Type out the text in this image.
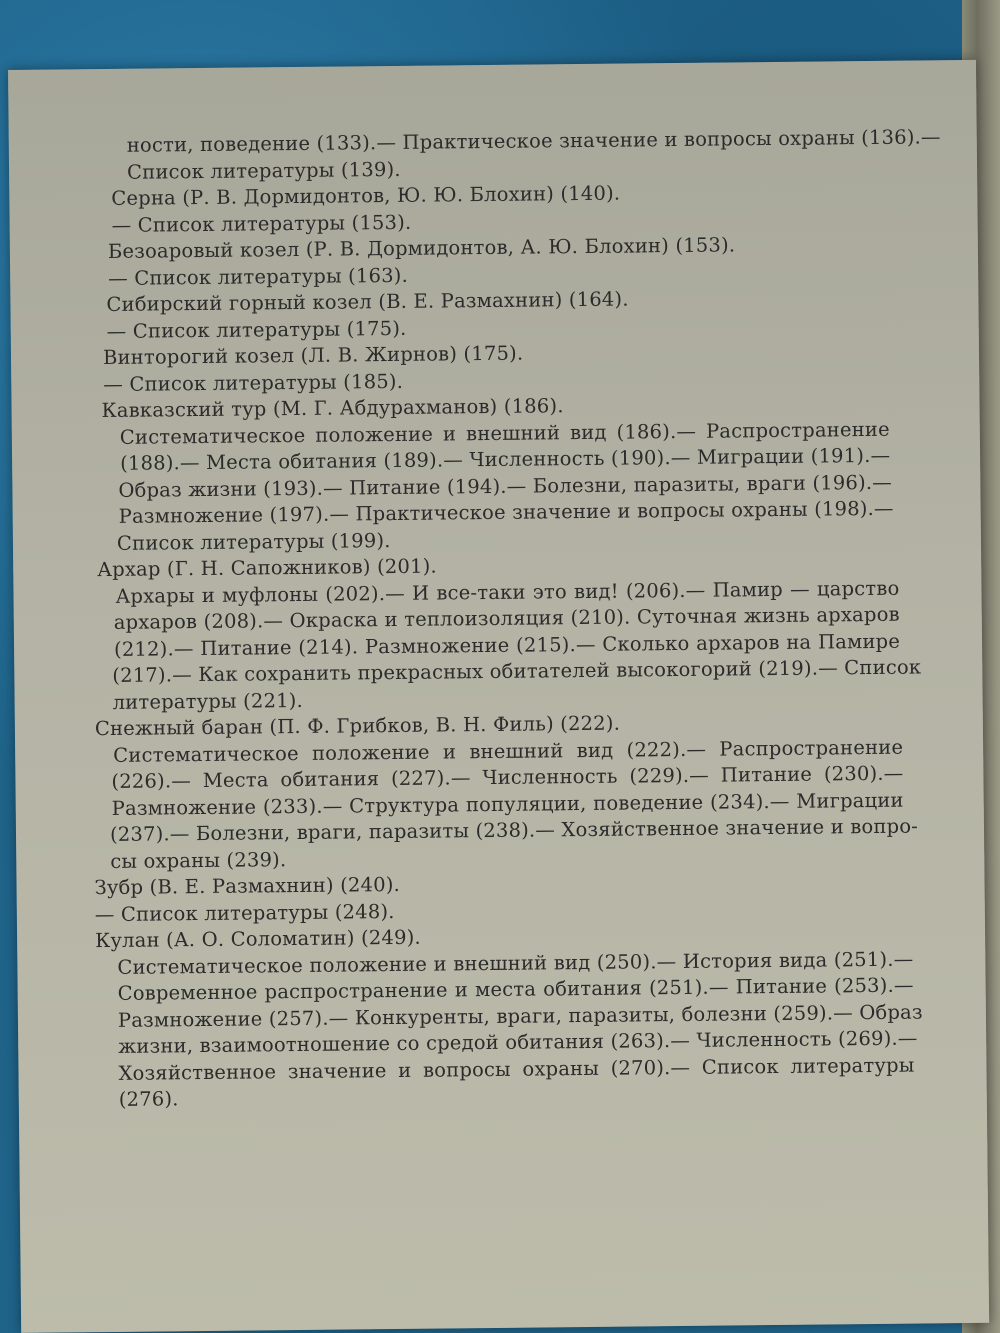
ности, поведение (133).— Практическое значение и вопросы охраны (136).—
Список литературы (139).
Серна (Р. В. Дормидонтов, Ю. Ю. Блохин) (140).
— Список литературы (153).
Безоаровый козел (Р. В. Дормидонтов, А. Ю. Блохин) (153).
— Список литературы (163).
Сибирский горный козел (В. Е. Размахнин) (164).
— Список литературы (175).
Винторогий козел (Л. В. Жирнов) (175).
— Список литературы (185).
Кавказский тур (М. Г. Абдурахманов) (186).
Систематическое положение и внешний вид (186).— Распространение
(188).— Места обитания (189).— Численность (190).— Миграции (191).—
Образ жизни (193).— Питание (194).— Болезни, паразиты, враги (196).—
Размножение (197).— Практическое значение и вопросы охраны (198).—
Список литературы (199).
Архар (Г. Н. Сапожников) (201).
Архары и муфлоны (202).— И все-таки это вид! (206).— Памир — царство
архаров (208).— Окраска и теплоизоляция (210). Суточная жизнь архаров
(212).— Питание (214). Размножение (215).— Сколько архаров на Памире
(217).— Как сохранить прекрасных обитателей высокогорий (219).— Список
литературы (221).
Снежный баран (П. Ф. Грибков, В. Н. Филь) (222).
Систематическое положение и внешний вид (222).— Распространение
(226).— Места обитания (227).— Численность (229).— Питание (230).—
Размножение (233).— Структура популяции, поведение (234).— Миграции
(237).— Болезни, враги, паразиты (238).— Хозяйственное значение и вопро-
сы охраны (239).
Зубр (В. Е. Размахнин) (240).
— Список литературы (248).
Кулан (А. О. Соломатин) (249).
Систематическое положение и внешний вид (250).— История вида (251).—
Современное распространение и места обитания (251).— Питание (253).—
Размножение (257).— Конкуренты, враги, паразиты, болезни (259).— Образ
жизни, взаимоотношение со средой обитания (263).— Численность (269).—
Хозяйственное значение и вопросы охраны (270).— Список литературы
(276).
